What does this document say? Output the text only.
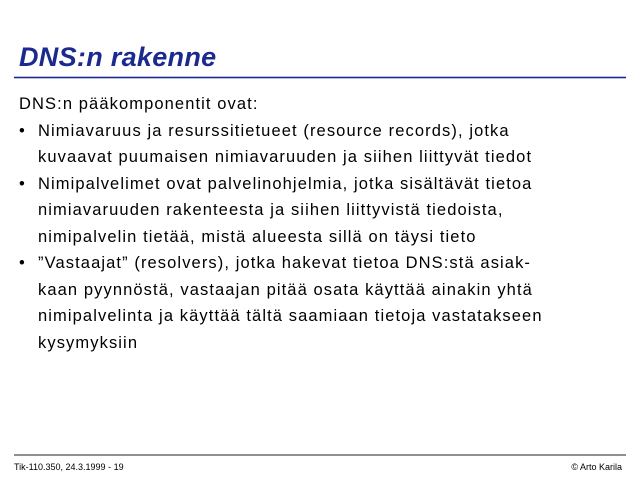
DNS:n rakenne
DNS:n pääkomponentit ovat:
• Nimiavaruus ja resurssitietueet (resource records), jotka
kuvaavat puumaisen nimiavaruuden ja siihen liittyvät tiedot
• Nimipalvelimet ovat palvelinohjelmia, jotka sisältävät tietoa
nimiavaruuden rakenteesta ja siihen liittyvistä tiedoista,
nimipalvelin tietää, mistä alueesta sillä on täysi tieto
• ”Vastaajat” (resolvers), jotka hakevat tietoa DNS:stä asiak-
kaan pyynnöstä, vastaajan pitää osata käyttää ainakin yhtä
nimipalvelinta ja käyttää tältä saamiaan tietoja vastatakseen
kysymyksiin
Tik-110.350, 24.3.1999 - 19	© Arto Karila
